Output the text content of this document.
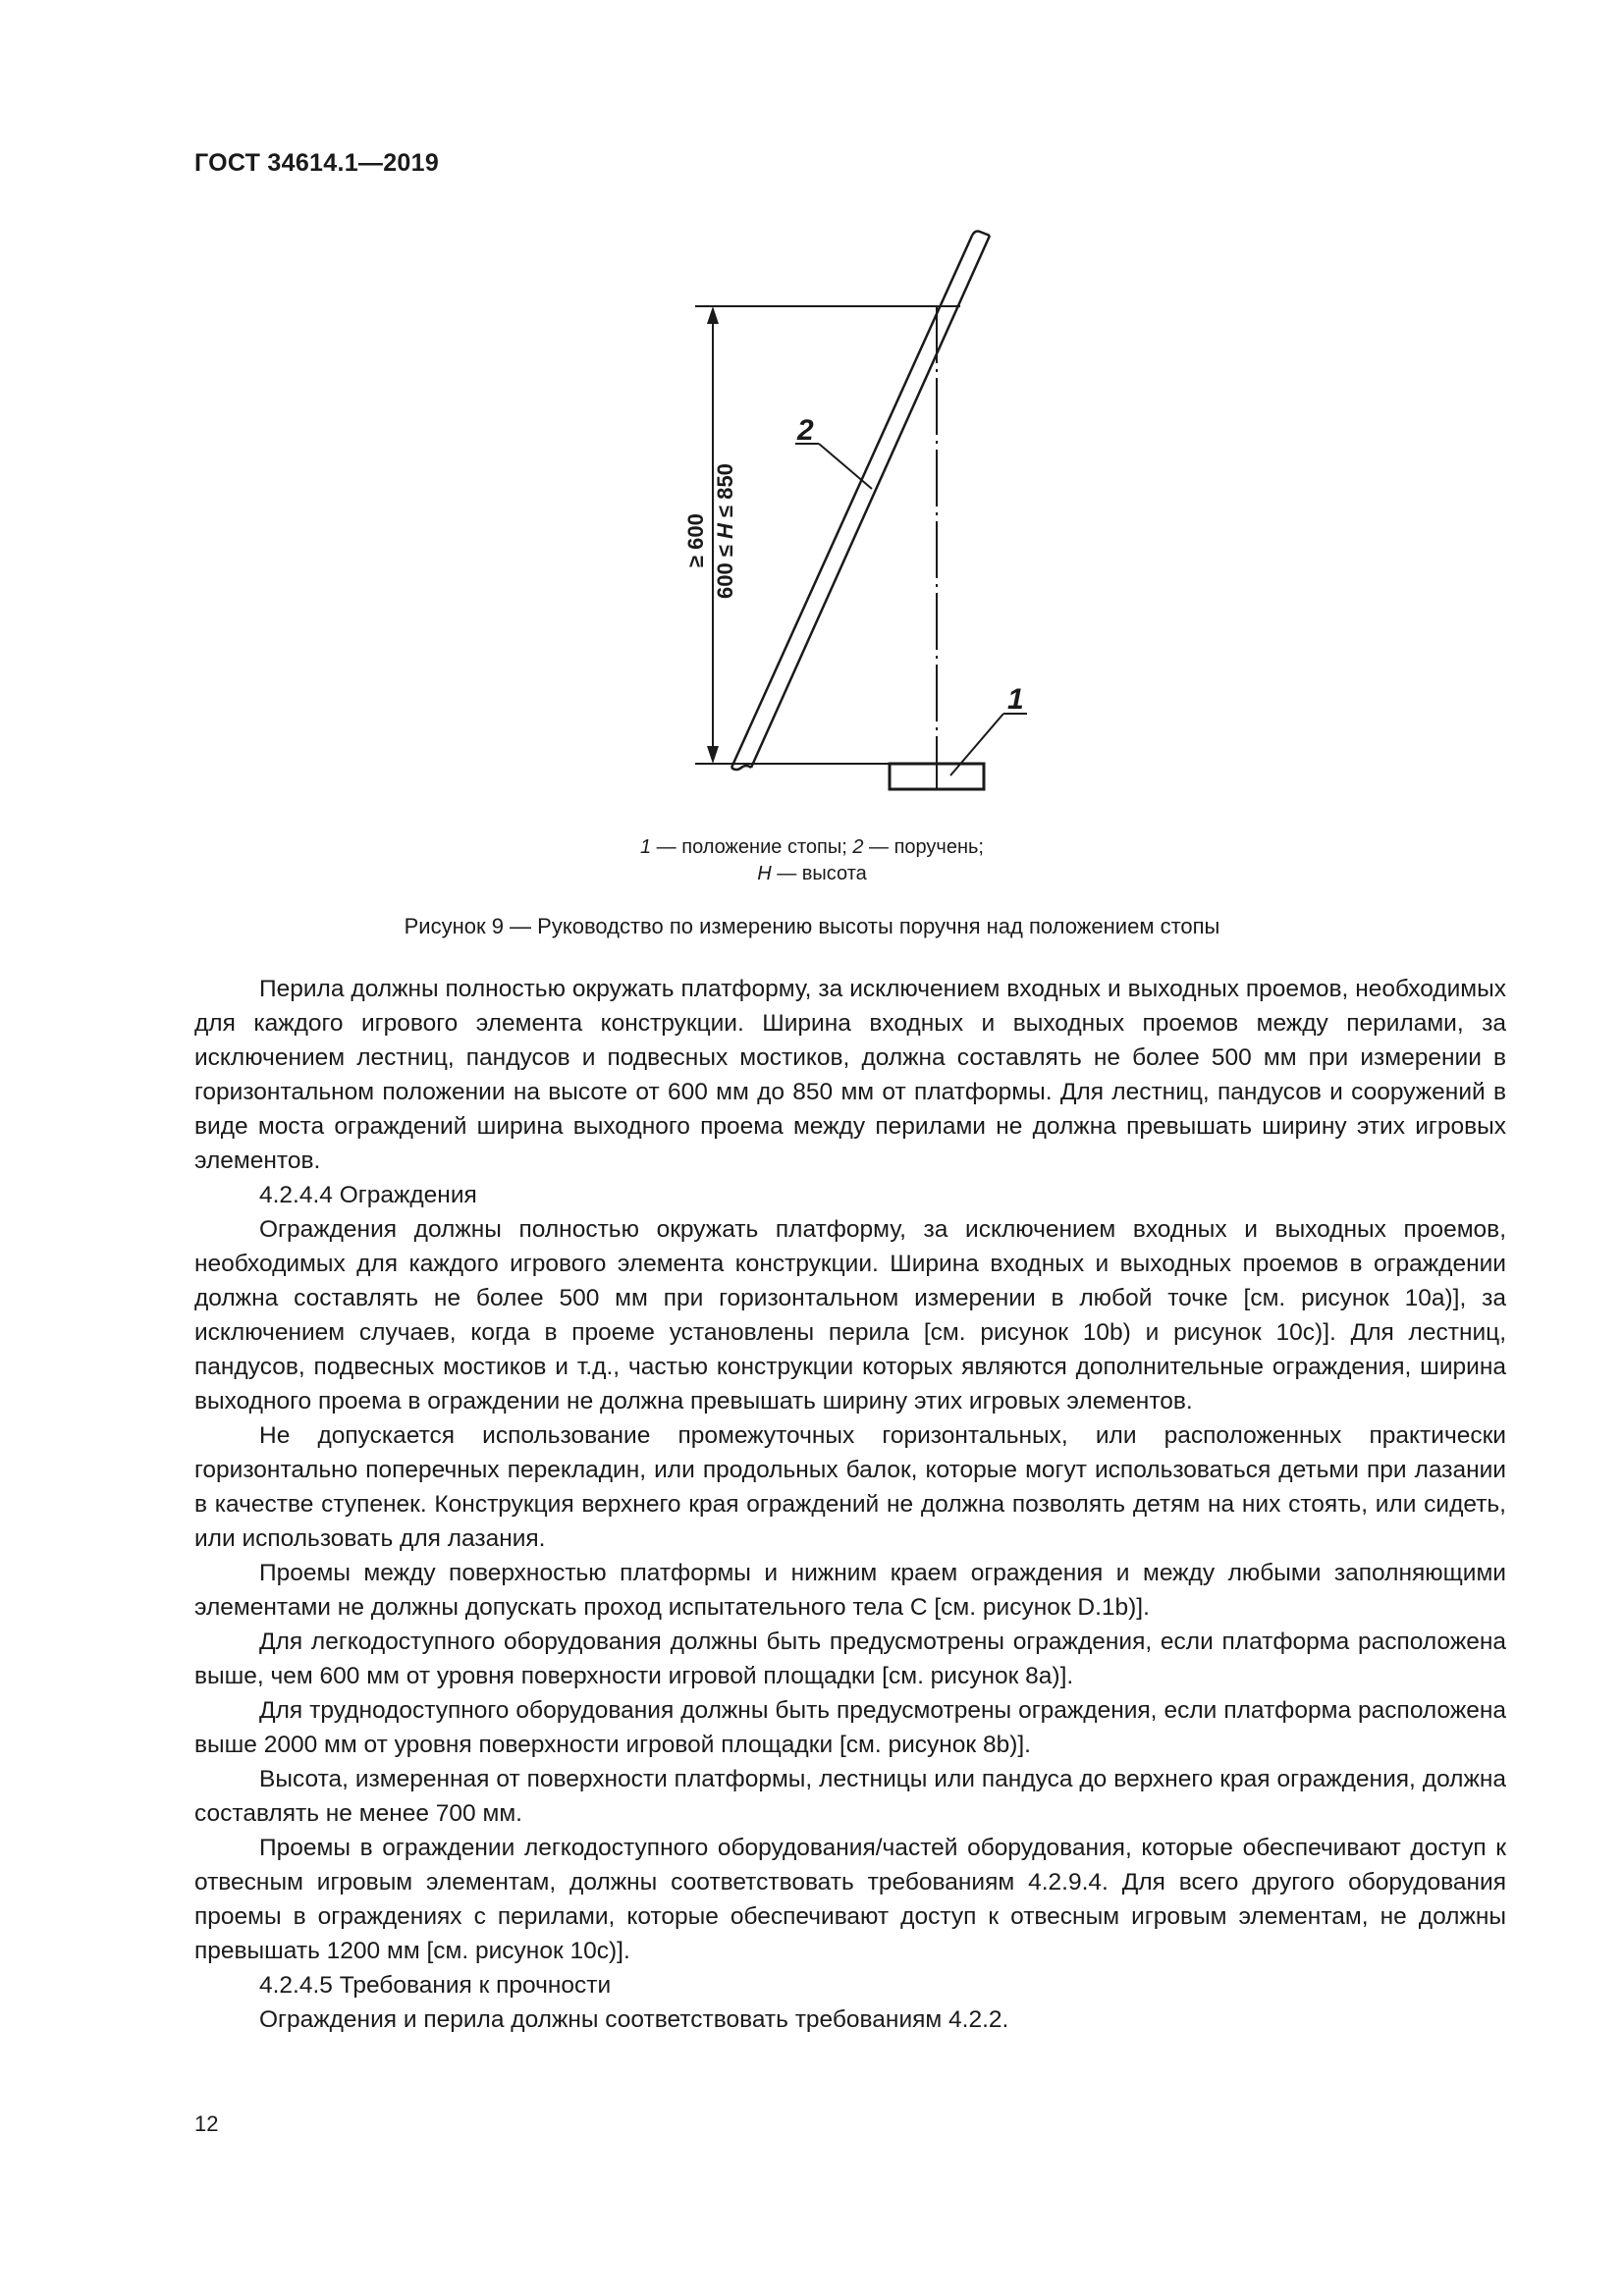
ГОСТ 34614.1—2019
≥ 600 600 ≤ H ≤ 850
2
1
1 — положение стопы; 2 — поручень;
H — высота
Рисунок 9 — Руководство по измерению высоты поручня над положением стопы

Перила должны полностью окружать платформу, за исключением входных и выходных проемов, необходимых для каждого игрового элемента конструкции. Ширина входных и выходных проемов между перилами, за исключением лестниц, пандусов и подвесных мостиков, должна составлять не более 500 мм при измерении в горизонтальном положении на высоте от 600 мм до 850 мм от платформы. Для лестниц, пандусов и сооружений в виде моста ограждений ширина выходного проема между перилами не должна превышать ширину этих игровых элементов.

4.2.4.4 Ограждения

Ограждения должны полностью окружать платформу, за исключением входных и выходных проемов, необходимых для каждого игрового элемента конструкции. Ширина входных и выходных проемов в ограждении должна составлять не более 500 мм при горизонтальном измерении в любой точке [см. рисунок 10а)], за исключением случаев, когда в проеме установлены перила [см. рисунок 10b) и рисунок 10с)]. Для лестниц, пандусов, подвесных мостиков и т.д., частью конструкции которых являются дополнительные ограждения, ширина выходного проема в ограждении не должна превышать ширину этих игровых элементов.

Не допускается использование промежуточных горизонтальных, или расположенных практически горизонтально поперечных перекладин, или продольных балок, которые могут использоваться детьми при лазании в качестве ступенек. Конструкция верхнего края ограждений не должна позволять детям на них стоять, или сидеть, или использовать для лазания.

Проемы между поверхностью платформы и нижним краем ограждения и между любыми заполняющими элементами не должны допускать проход испытательного тела С [см. рисунок D.1b)].

Для легкодоступного оборудования должны быть предусмотрены ограждения, если платформа расположена выше, чем 600 мм от уровня поверхности игровой площадки [см. рисунок 8а)].

Для труднодоступного оборудования должны быть предусмотрены ограждения, если платформа расположена выше 2000 мм от уровня поверхности игровой площадки [см. рисунок 8b)].

Высота, измеренная от поверхности платформы, лестницы или пандуса до верхнего края ограждения, должна составлять не менее 700 мм.

Проемы в ограждении легкодоступного оборудования/частей оборудования, которые обеспечивают доступ к отвесным игровым элементам, должны соответствовать требованиям 4.2.9.4. Для всего другого оборудования проемы в ограждениях с перилами, которые обеспечивают доступ к отвесным игровым элементам, не должны превышать 1200 мм [см. рисунок 10с)].

4.2.4.5 Требования к прочности

Ограждения и перила должны соответствовать требованиям 4.2.2.

12
